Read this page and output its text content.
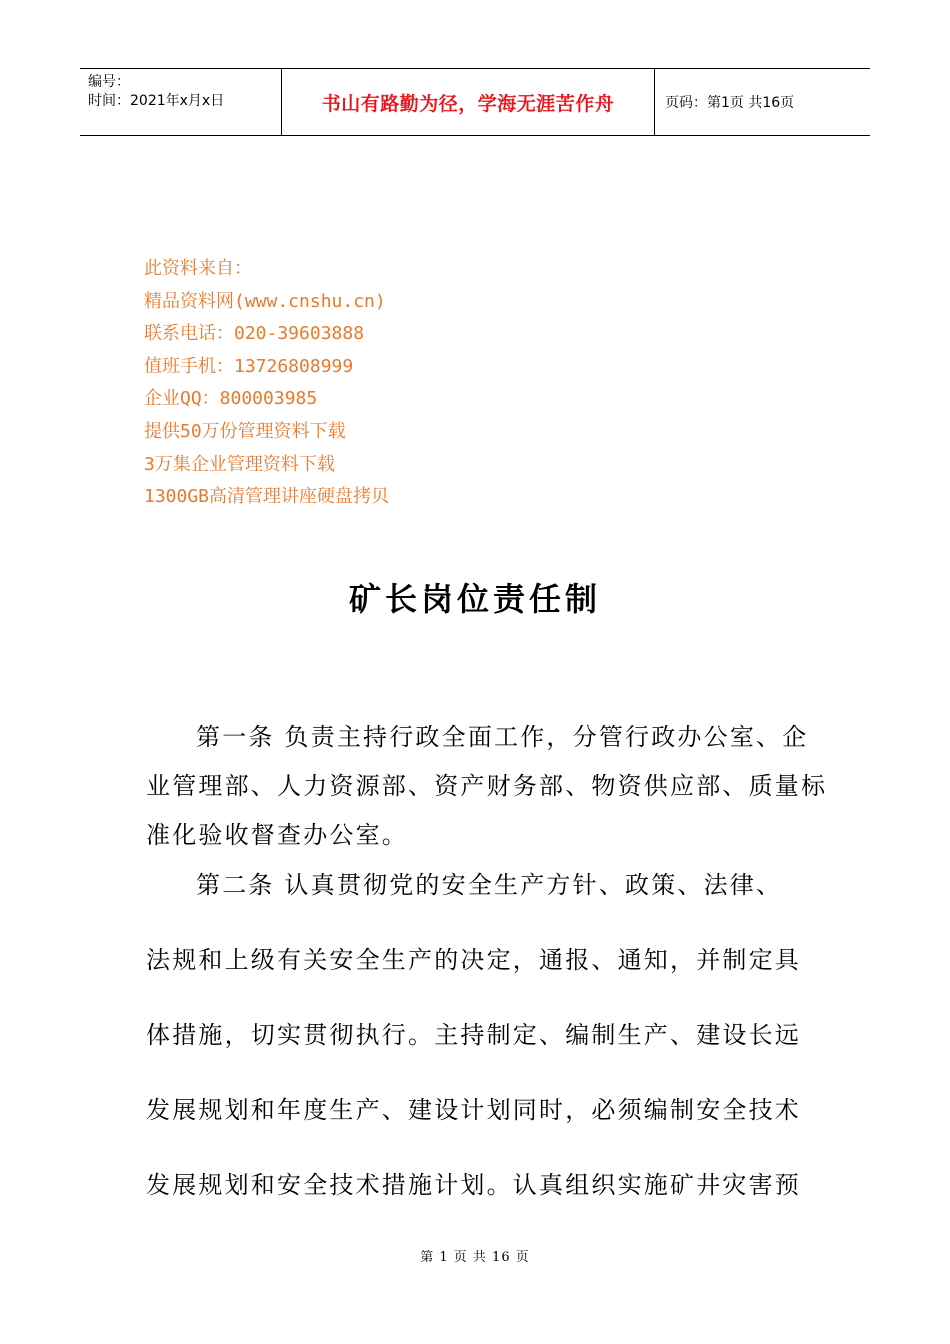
编号：
时间：2021年x月x日	书山有路勤为径，学海无涯苦作舟	页码：第1页 共16页
此资料来自：
精品资料网(www.cnshu.cn)
联系电话：020-39603888
值班手机：13726808999
企业QQ：800003985
提供50万份管理资料下载
3万集企业管理资料下载
1300GB高清管理讲座硬盘拷贝
矿长岗位责任制
第一条 负责主持行政全面工作，分管行政办公室、企
业管理部、人力资源部、资产财务部、物资供应部、质量标
准化验收督查办公室。
第二条 认真贯彻党的安全生产方针、政策、法律、
法规和上级有关安全生产的决定，通报、通知，并制定具
体措施，切实贯彻执行。主持制定、编制生产、建设长远
发展规划和年度生产、建设计划同时，必须编制安全技术
发展规划和安全技术措施计划。认真组织实施矿井灾害预
第 1 页 共 16 页
